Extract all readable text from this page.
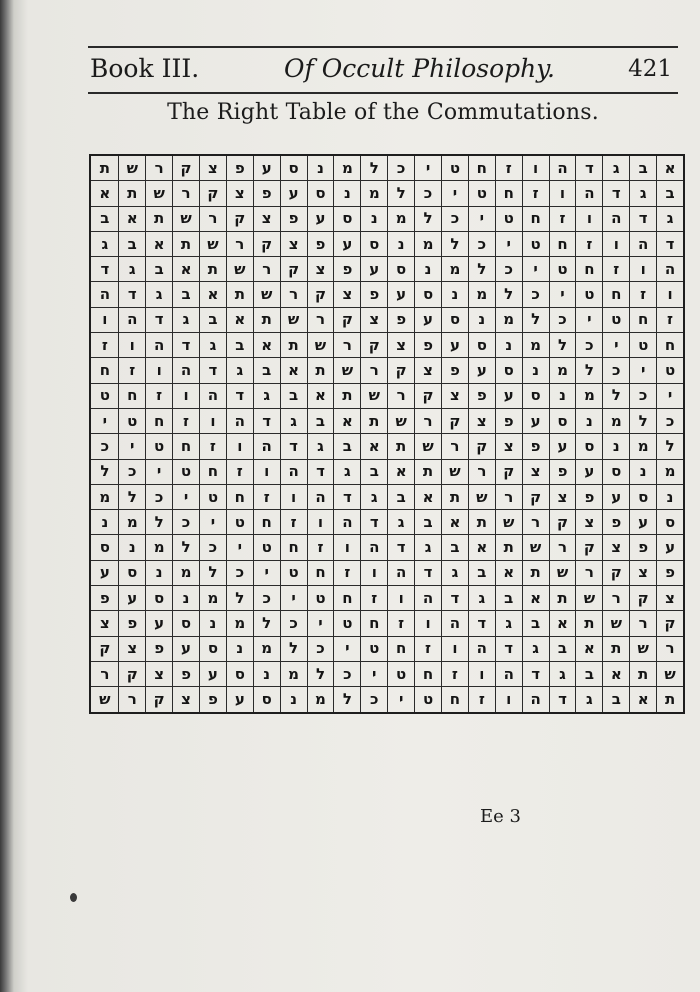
Book III.	Of Occult Philosophy.	421
The Right Table of the Commutations.
א
ב
ג
ד
ה
ו
ז
ח
ט
י
כ
ל
מ
נ
ס
ע
פ
צ
ק
ר
ש
ת
ב
ג
ד
ה
ו
ז
ח
ט
י
כ
ל
מ
נ
ס
ע
פ
צ
ק
ר
ש
ת
א
ג
ד
ה
ו
ז
ח
ט
י
כ
ל
מ
נ
ס
ע
פ
צ
ק
ר
ש
ת
א
ב
ד
ה
ו
ז
ח
ט
י
כ
ל
מ
נ
ס
ע
פ
צ
ק
ר
ש
ת
א
ב
ג
ה
ו
ז
ח
ט
י
כ
ל
מ
נ
ס
ע
פ
צ
ק
ר
ש
ת
א
ב
ג
ד
ו
ז
ח
ט
י
כ
ל
מ
נ
ס
ע
פ
צ
ק
ר
ש
ת
א
ב
ג
ד
ה
ז
ח
ט
י
כ
ל
מ
נ
ס
ע
פ
צ
ק
ר
ש
ת
א
ב
ג
ד
ה
ו
ח
ט
י
כ
ל
מ
נ
ס
ע
פ
צ
ק
ר
ש
ת
א
ב
ג
ד
ה
ו
ז
ט
י
כ
ל
מ
נ
ס
ע
פ
צ
ק
ר
ש
ת
א
ב
ג
ד
ה
ו
ז
ח
י
כ
ל
מ
נ
ס
ע
פ
צ
ק
ר
ש
ת
א
ב
ג
ד
ה
ו
ז
ח
ט
כ
ל
מ
נ
ס
ע
פ
צ
ק
ר
ש
ת
א
ב
ג
ד
ה
ו
ז
ח
ט
י
ל
מ
נ
ס
ע
פ
צ
ק
ר
ש
ת
א
ב
ג
ד
ה
ו
ז
ח
ט
י
כ
מ
נ
ס
ע
פ
צ
ק
ר
ש
ת
א
ב
ג
ד
ה
ו
ז
ח
ט
י
כ
ל
נ
ס
ע
פ
צ
ק
ר
ש
ת
א
ב
ג
ד
ה
ו
ז
ח
ט
י
כ
ל
מ
ס
ע
פ
צ
ק
ר
ש
ת
א
ב
ג
ד
ה
ו
ז
ח
ט
י
כ
ל
מ
נ
ע
פ
צ
ק
ר
ש
ת
א
ב
ג
ד
ה
ו
ז
ח
ט
י
כ
ל
מ
נ
ס
פ
צ
ק
ר
ש
ת
א
ב
ג
ד
ה
ו
ז
ח
ט
י
כ
ל
מ
נ
ס
ע
צ
ק
ר
ש
ת
א
ב
ג
ד
ה
ו
ז
ח
ט
י
כ
ל
מ
נ
ס
ע
פ
ק
ר
ש
ת
א
ב
ג
ד
ה
ו
ז
ח
ט
י
כ
ל
מ
נ
ס
ע
פ
צ
ר
ש
ת
א
ב
ג
ד
ה
ו
ז
ח
ט
י
כ
ל
מ
נ
ס
ע
פ
צ
ק
ש
ת
א
ב
ג
ד
ה
ו
ז
ח
ט
י
כ
ל
מ
נ
ס
ע
פ
צ
ק
ר
ת
א
ב
ג
ד
ה
ו
ז
ח
ט
י
כ
ל
מ
נ
ס
ע
פ
צ
ק
ר
ש
Ee 3
